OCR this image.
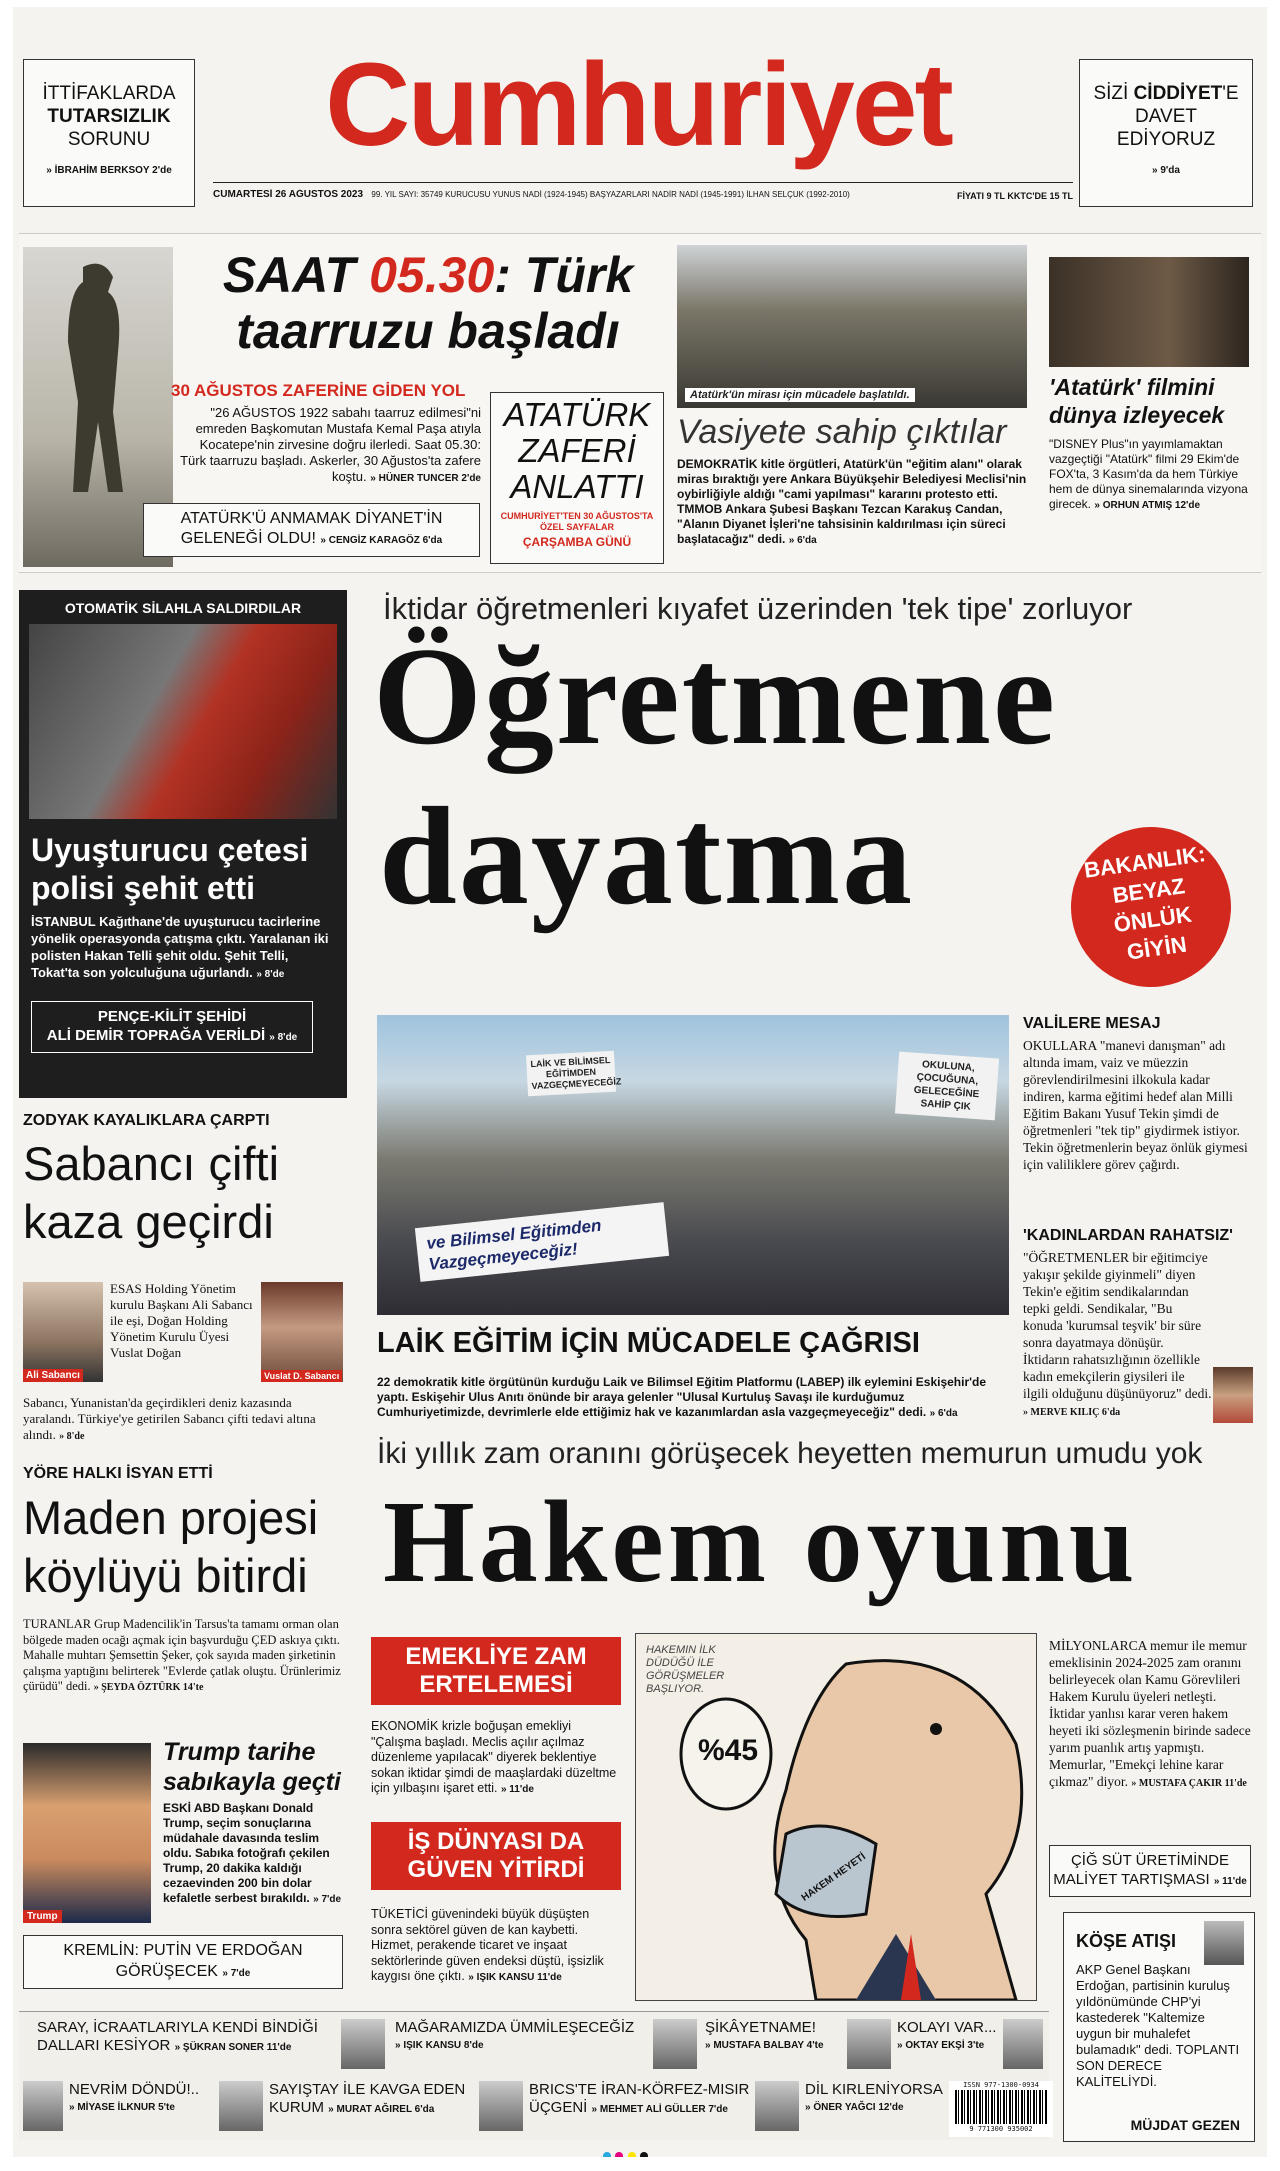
İTTİFAKLARDA
TUTARSIZLIK
SORUNU
» İBRAHİM BERKSOY 2'de	Cumhuriyet
CUMARTESİ 26 AĞUSTOS 2023 99. YIL SAYI: 35749 KURUCUSU YUNUS NADİ (1924-1945) BAŞYAZARLARI NADİR NADİ (1945-1991) İLHAN SELÇUK (1992-2010)	FİYATI 9 TL KKTC'DE 15 TL
SİZİ CİDDİYET'E
DAVET
EDİYORUZ
» 9'da
SAAT 05.30: Türk
taarruzu başladı
30 AĞUSTOS ZAFERİNE GİDEN YOL
"26 AĞUSTOS 1922 sabahı taarruz edilmesi"ni emreden Başkomutan Mustafa Kemal Paşa atıyla Kocatepe'nin zirvesine doğru ilerledi. Saat 05.30: Türk taarruzu başladı. Askerler, 30 Ağustos'ta zafere koştu. » HÜNER TUNCER 2'de
ATATÜRK'Ü ANMAMAK DİYANET'İN GELENEĞİ OLDU! » CENGİZ KARAGÖZ 6'da
ATATÜRK
ZAFERİ
ANLATTI
CUMHURİYET'TEN 30 AĞUSTOS'TA ÖZEL SAYFALAR
ÇARŞAMBA GÜNÜ
Atatürk'ün mirası için mücadele başlatıldı.
Vasiyete sahip çıktılar
DEMOKRATİK kitle örgütleri, Atatürk'ün "eğitim alanı" olarak miras bıraktığı yere Ankara Büyükşehir Belediyesi Meclisi'nin oybirliğiyle aldığı "cami yapılması" kararını protesto etti. TMMOB Ankara Şubesi Başkanı Tezcan Karakuş Candan, "Alanın Diyanet İşleri'ne tahsisinin kaldırılması için süreci başlatacağız" dedi. » 6'da
'Atatürk' filmini
dünya izleyecek
"DISNEY Plus"ın yayımlamaktan vazgeçtiği "Atatürk" filmi 29 Ekim'de FOX'ta, 3 Kasım'da da hem Türkiye hem de dünya sinemalarında vizyona girecek. » ORHUN ATMIŞ 12'de
OTOMATİK SİLAHLA SALDIRDILAR
Uyuşturucu çetesi polisi şehit etti
İSTANBUL Kağıthane'de uyuşturucu tacirlerine yönelik operasyonda çatışma çıktı. Yaralanan iki polisten Hakan Telli şehit oldu. Şehit Telli, Tokat'ta son yolculuğuna uğurlandı. » 8'de
PENÇE-KİLİT ŞEHİDİ
ALİ DEMİR TOPRAĞA VERİLDİ » 8'de
ZODYAK KAYALIKLARA ÇARPTI
Sabancı çifti
kaza geçirdi
Ali Sabancı
ESAS Holding Yönetim kurulu Başkanı Ali Sabancı ile eşi, Doğan Holding Yönetim Kurulu Üyesi Vuslat Doğan
Vuslat D. Sabancı
Sabancı, Yunanistan'da geçirdikleri deniz kazasında yaralandı. Türkiye'ye getirilen Sabancı çifti tedavi altına alındı. » 8'de
YÖRE HALKI İSYAN ETTİ
Maden projesi
köylüyü bitirdi
TURANLAR Grup Madencilik'in Tarsus'ta tamamı orman olan bölgede maden ocağı açmak için başvurduğu ÇED askıya çıktı. Mahalle muhtarı Şemsettin Şeker, çok sayıda maden şirketinin çalışma yaptığını belirterek "Evlerde çatlak oluştu. Ürünlerimiz çürüdü" dedi. » ŞEYDA ÖZTÜRK 14'te
Trump
Trump tarihe
sabıkayla geçti
ESKİ ABD Başkanı Donald Trump, seçim sonuçlarına müdahale davasında teslim oldu. Sabıka fotoğrafı çekilen Trump, 20 dakika kaldığı cezaevinden 200 bin dolar kefaletle serbest bırakıldı. » 7'de
KREMLİN: PUTİN VE ERDOĞAN
GÖRÜŞECEK » 7'de
İktidar öğretmenleri kıyafet üzerinden 'tek tipe' zorluyor
Öğretmene
dayatma	BAKANLIK:
BEYAZ
ÖNLÜK
GİYİN
LAİK VE BİLİMSEL EĞİTİMDEN VAZGEÇMEYECEĞİZ
OKULUNA, ÇOCUĞUNA, GELECEĞİNE SAHİP ÇIK
ve Bilimsel Eğitimden Vazgeçmeyeceğiz!
LAİK EĞİTİM İÇİN MÜCADELE ÇAĞRISI
22 demokratik kitle örgütünün kurduğu Laik ve Bilimsel Eğitim Platformu (LABEP) ilk eylemini Eskişehir'de yaptı. Eskişehir Ulus Anıtı önünde bir araya gelenler "Ulusal Kurtuluş Savaşı ile kurduğumuz Cumhuriyetimizde, devrimlerle elde ettiğimiz hak ve kazanımlardan asla vazgeçmeyeceğiz" dedi. » 6'da
VALİLERE MESAJ
OKULLARA "manevi danışman" adı altında imam, vaiz ve müezzin görevlendirilmesini ilkokula kadar indiren, karma eğitimi hedef alan Milli Eğitim Bakanı Yusuf Tekin şimdi de öğretmenleri "tek tip" giydirmek istiyor. Tekin öğretmenlerin beyaz önlük giymesi için valiliklere görev çağırdı.
'KADINLARDAN RAHATSIZ'
"ÖĞRETMENLER bir eğitimciye yakışır şekilde giyinmeli" diyen Tekin'e eğitim sendikalarından tepki geldi. Sendikalar, "Bu konuda 'kurumsal teşvik' bir süre sonra dayatmaya dönüşür. İktidarın rahatsızlığının özellikle kadın emekçilerin giysileri ile ilgili olduğunu düşünüyoruz" dedi. » MERVE KILIÇ 6'da
İki yıllık zam oranını görüşecek heyetten memurun umudu yok
Hakem oyunu
EMEKLİYE ZAM
ERTELEMESİ
EKONOMİK krizle boğuşan emekliyi "Çalışma başladı. Meclis açılır açılmaz düzenleme yapılacak" diyerek beklentiye sokan iktidar şimdi de maaşlardaki düzeltme için yılbaşını işaret etti. » 11'de
İŞ DÜNYASI DA
GÜVEN YİTİRDİ
TÜKETİCİ güvenindeki büyük düşüşten sonra sektörel güven de kan kaybetti. Hizmet, perakende ticaret ve inşaat sektörlerinde güven endeksi düştü, işsizlik kaygısı öne çıktı. » IŞIK KANSU 11'de
HAKEMIN İLK DÜDÜĞÜ İLE GÖRÜŞMELER BAŞLIYOR.
%45
HAKEM HEYETİ
MİLYONLARCA memur ile memur emeklisinin 2024-2025 zam oranını belirleyecek olan Kamu Görevlileri Hakem Kurulu üyeleri netleşti. İktidar yanlısı karar veren hakem heyeti iki sözleşmenin birinde sadece yarım puanlık artış yapmıştı. Memurlar, "Emekçi lehine karar çıkmaz" diyor. » MUSTAFA ÇAKIR 11'de
ÇİĞ SÜT ÜRETİMİNDE
MALİYET TARTIŞMASI » 11'de
KÖŞE ATIŞI
AKP Genel Başkanı Erdoğan, partisinin kuruluş yıldönümünde CHP'yi kastederek "Kaltemize uygun bir muhalefet bulamadık" dedi. TOPLANTI SON DERECE KALİTELİYDİ.
MÜJDAT GEZEN
SARAY, İCRAATLARIYLA KENDİ BİNDİĞİ DALLARI KESİYOR » ŞÜKRAN SONER 11'de
MAĞARAMIZDA ÜMMİLEŞECEĞİZ
» IŞIK KANSU 8'de
ŞİKÂYETNAME!
» MUSTAFA BALBAY 4'te
KOLAYI VAR...
» OKTAY EKŞİ 3'te
NEVRİM DÖNDÜ!..
» MİYASE İLKNUR 5'te
SAYIŞTAY İLE KAVGA EDEN KURUM » MURAT AĞIREL 6'da
BRICS'TE İRAN-KÖRFEZ-MISIR ÜÇGENİ » MEHMET ALİ GÜLLER 7'de
DİL KIRLENİYORSA
» ÖNER YAĞCI 12'de
ISSN 977-1300-0934
9 771300 935002
